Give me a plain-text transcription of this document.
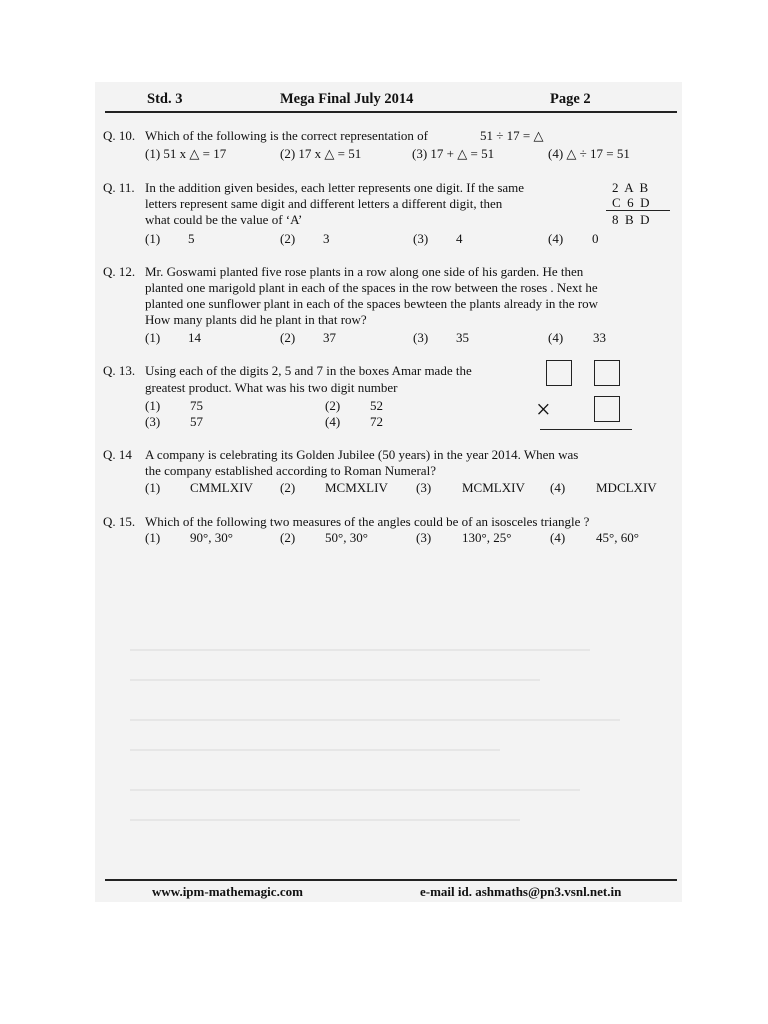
Std. 3	Mega Final July 2014	Page 2
Q. 10. Which of the following is the correct representation of	51 ÷ 17 = △
(1) 51 x △ = 17	(2) 17 x △ = 51	(3) 17 + △ = 51	(4) △ ÷ 17 = 51
Q. 11. In the addition given besides, each letter represents one digit. If the same
letters represent same digit and different letters a different digit, then
what could be the value of ‘A’
2  A  B
C  6  D
8  B  D
(1) 5	(2) 3	(3) 4	(4) 0
Q. 12. Mr. Goswami planted five rose plants in a row along one side of his garden. He then
planted one marigold plant in each of the spaces in the row between the roses . Next he
planted one sunflower plant in each of the spaces bewteen the plants already in the row
How many plants did he plant in that row?
(1) 14	(2) 37	(3) 35	(4) 33
Q. 13. Using each of the digits 2, 5 and 7 in the boxes Amar made the
greatest product. What was his two digit number
×
(1) 75	(2) 52
(3) 57	(4) 72
Q. 14 A company is celebrating its Golden Jubilee (50 years) in the year 2014. When was
the company established according to Roman Numeral?
(1) CMMLXIV (2) MCMXLIV (3) MCMLXIV (4) MDCLXIV
Q. 15. Which of the following two measures of the angles could be of an isosceles triangle ?
(1) 90°, 30°	(2) 50°, 30°	(3) 130°, 25°	(4) 45°, 60°
www.ipm-mathemagic.com	e-mail id. ashmaths@pn3.vsnl.net.in
